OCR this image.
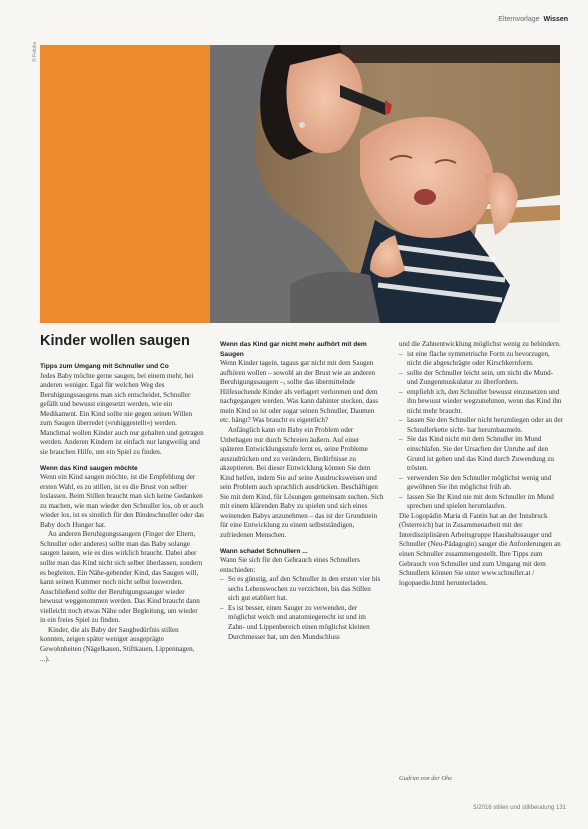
Elternvorlage Wissen
© Fotolia
Kinder wollen saugen

Tipps zum Umgang mit Schnuller und Co

Jedes Baby möchte gerne saugen, bei einem mehr, bei anderen weniger. Egal für welchen Weg des Beruhigungssaugens man sich entscheidet, Schnuller gefällt und bewusst eingesetzt werden, wie ein Medikament. Ein Kind sollte nie gegen seinen Willen zum Saugen überredet (»ruhiggestellt«) werden. Manchmal wollen Kinder auch nur gehalten und getragen werden. Anderen Kindern ist einfach nur langweilig und sie brauchen Hilfe, um ein Spiel zu finden.

Wenn das Kind saugen möchte

Wenn ein Kind saugen möchte, ist die Empfehlung der ersten Wahl, es zu stillen, ist es die Brust von selber loslassen. Beim Stillen braucht man sich keine Gedanken zu machen, wie man wieder den Schnuller los, ob er auch wieder los, ist es sinnlich für den Bindeschnuller oder das Baby doch Hunger hat.

An anderen Beruhigungssaugern (Finger der Eltern, Schnuller oder anderes) sollte man das Baby solange saugen lassen, wie es dies wirklich braucht. Dabei aber sollte man das Kind nicht sich selber überlassen, sondern es begleiten. Ein Nähe-gebender Kind, das Saugen will, kann seinen Kummer noch nicht selbst loswerden. Anschließend sollte der Beruhigungssauger wieder bewusst weggenommen werden. Das Kind braucht dann vielleicht noch etwas Nähe oder Begleitung, um wieder in ein freies Spiel zu finden.

Kinder, die als Baby der Saugbedürfnis stillen konnten, zeigen später weniger ausgeprägte Gewohnheiten (Nägelkauen, Stiftkauen, Lippennagen, ...).

Wenn das Kind gar nicht mehr aufhört mit dem Saugen

Wenn Kinder tagein, tagaus gar nicht mit dem Saugen aufhören wollen – sowohl an der Brust wie an anderen Beruhigungssaugern –, sollte das übermittelnde Hilfesuchende Kinder als verlagert verlorenen und dem nachgegangen werden. Was kann dahinter stecken, dass mein Kind so ist oder sogar seinen Schnuller, Daumen etc. hängt? Was braucht es eigentlich?

Anfänglich kann ein Baby ein Problem oder Unbehagen nur durch Schreien äußern. Auf einer späteren Entwicklungsstufe lernt es, seine Probleme auszudrücken und zu verändern, Bedürfnisse zu akzeptieren. Bei dieser Entwicklung können Sie dem Kind helfen, indem Sie auf seine Ausdrucksweisen und sein Problem auch sprachlich ausdrücken. Beschäftigen Sie mit dem Kind, für Lösungen gemeinsam suchen. Sich mit einem klärenden Baby zu spielen und sich eines weinenden Babys anzunehmen – das ist der Grundstein für eine Entwicklung zu einem selbstständigen, zufriedenen Menschen.

Wann schadet Schnullern ...

Wann Sie sich für den Gebrauch eines Schnullers entschieden:

– So es günstig, auf den Schnuller in den ersten vier bis sechs Lebenswochen zu verzichten, bis das Stillen sich gut etabliert hat.
– Es ist besser, einen Sauger zu verwenden, der möglichst weich und anatomiegerecht ist und im Zahn- und Lippenbereich einen möglichst kleinen Durchmesser hat, um den Mundschluss

und die Zahnentwicklung möglichst wenig zu behindern.

– ist eine flache symmetrische Form zu bevorzugen, nicht die abgeschrägte oder Kirschkernform.
– sollte der Schnuller leicht sein, um nicht die Mund- und Zungenmuskulatur zu überfordern.
– empfiehlt ich, den Schnuller bewusst einzusetzen und ihn bewusst wieder wegzunehmen, wenn das Kind ihn nicht mehr braucht.
– lassen Sie den Schnuller nicht herumliegen oder an der Schnullerkette sicht- bar herumbaumeln.
– Sie das Kind nicht mit dem Schnuller im Mund einschlafen. Sie der Ursachen der Unruhe auf den Grund ist gehen und das Kind durch Zuwendung zu trösten.
– verwenden Sie den Schnuller möglichst wenig und gewöhnen Sie ihn möglichst früh ab.
– lassen Sie Ihr Kind nie mit dem Schnuller im Mund sprechen und spielen herumlaufen.

Die Logopädin Maria di Fantin hat an der Innsbruck (Österreich) hat in Zusammenarbeit mit der Interdisziplinären Arbeitsgruppe Haushaltssauger und Schnuller (Neu-Pädagogin) sauger die Anforderungen an einen Schnuller zusammengestellt. Ihre Tipps zum Gebrauch von Schnuller und zum Umgang mit dem Schnullern können Sie unter www.schnuller.at / logopaedie.html herunterladen.

Gudrun von der Ohe
5/2016 stillen und stillberatung 131
